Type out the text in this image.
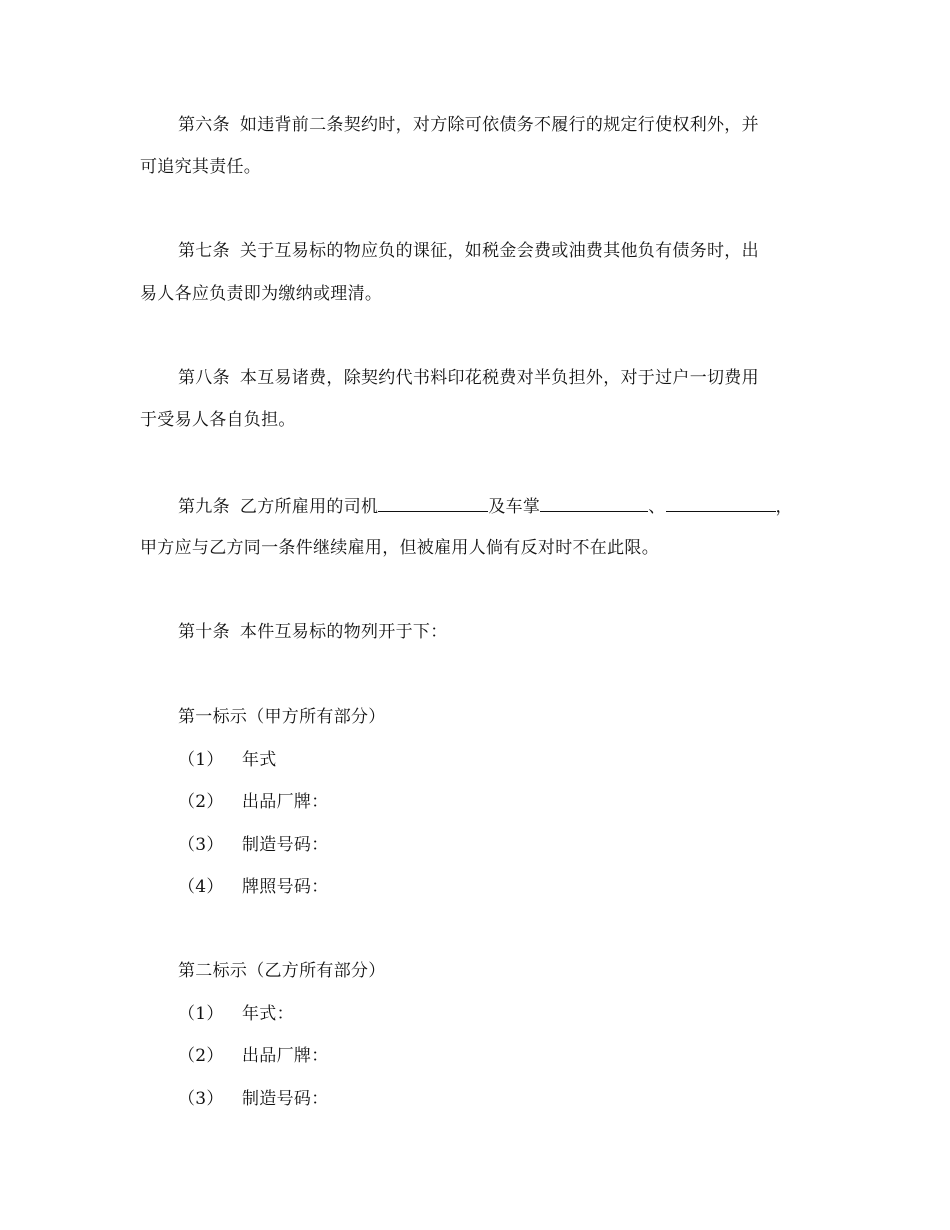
第六条 如违背前二条契约时，对方除可依债务不履行的规定行使权利外，并
可追究其责任。
第七条 关于互易标的物应负的课征，如税金会费或油费其他负有债务时，出
易人各应负责即为缴纳或理清。
第八条 本互易诸费，除契约代书料印花税费对半负担外，对于过户一切费用
于受易人各自负担。
第九条 乙方所雇用的司机	及车掌	、	，
甲方应与乙方同一条件继续雇用，但被雇用人倘有反对时不在此限。
第十条 本件互易标的物列开于下：
第一标示（甲方所有部分）
（1） 年式
（2） 出品厂牌：
（3） 制造号码：
（4） 牌照号码：
第二标示（乙方所有部分）
（1） 年式：
（2） 出品厂牌：
（3） 制造号码：
